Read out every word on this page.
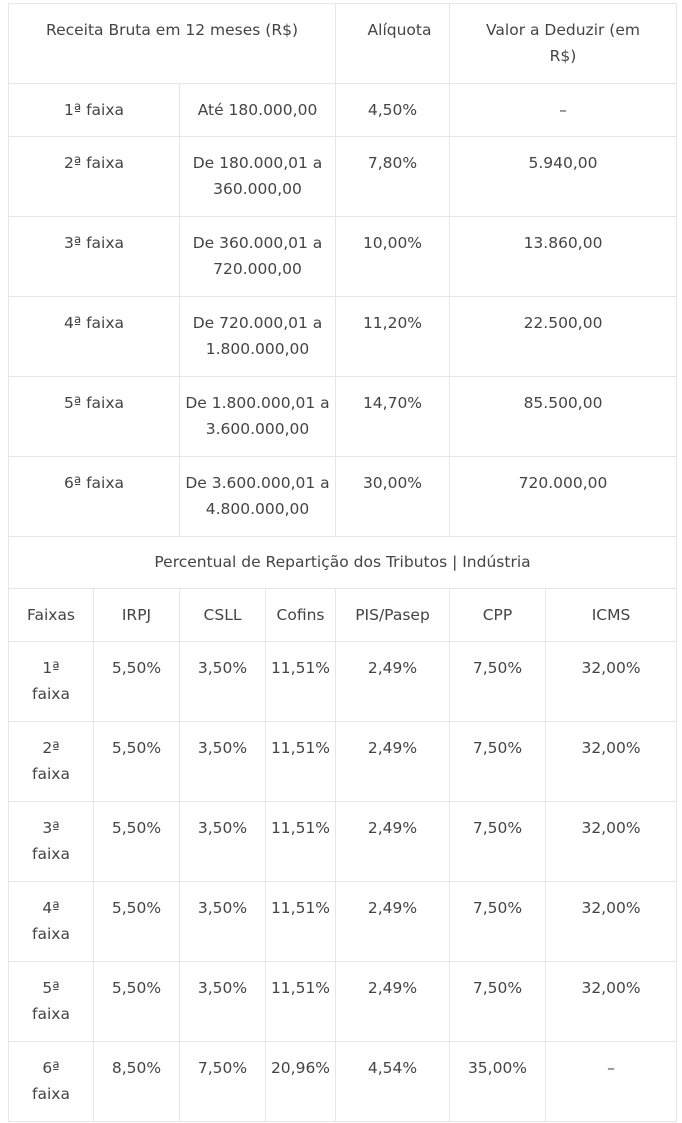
Receita Bruta em 12 meses (R$)				Alíquota	Valor a Deduzir (em R$)	
1ª faixa		Até 180.000,00		4,50%	–	
2ª faixa		De 180.000,01 a 360.000,00		7,80%	5.940,00	
3ª faixa		De 360.000,01 a 720.000,00		10,00%	13.860,00	
4ª faixa		De 720.000,01 a 1.800.000,00		11,20%	22.500,00	
5ª faixa		De 1.800.000,01 a 3.600.000,00		14,70%	85.500,00	
6ª faixa		De 3.600.000,01 a 4.800.000,00		30,00%	720.000,00	
Percentual de Repartição dos Tributos | Indústria						
Faixas	IRPJ	CSLL	Cofins	PIS/Pasep	CPP	ICMS
1ª faixa	5,50%	3,50%	11,51%	2,49%	7,50%	32,00%
2ª faixa	5,50%	3,50%	11,51%	2,49%	7,50%	32,00%
3ª faixa	5,50%	3,50%	11,51%	2,49%	7,50%	32,00%
4ª faixa	5,50%	3,50%	11,51%	2,49%	7,50%	32,00%
5ª faixa	5,50%	3,50%	11,51%	2,49%	7,50%	32,00%
6ª faixa	8,50%	7,50%	20,96%	4,54%	35,00%	–
